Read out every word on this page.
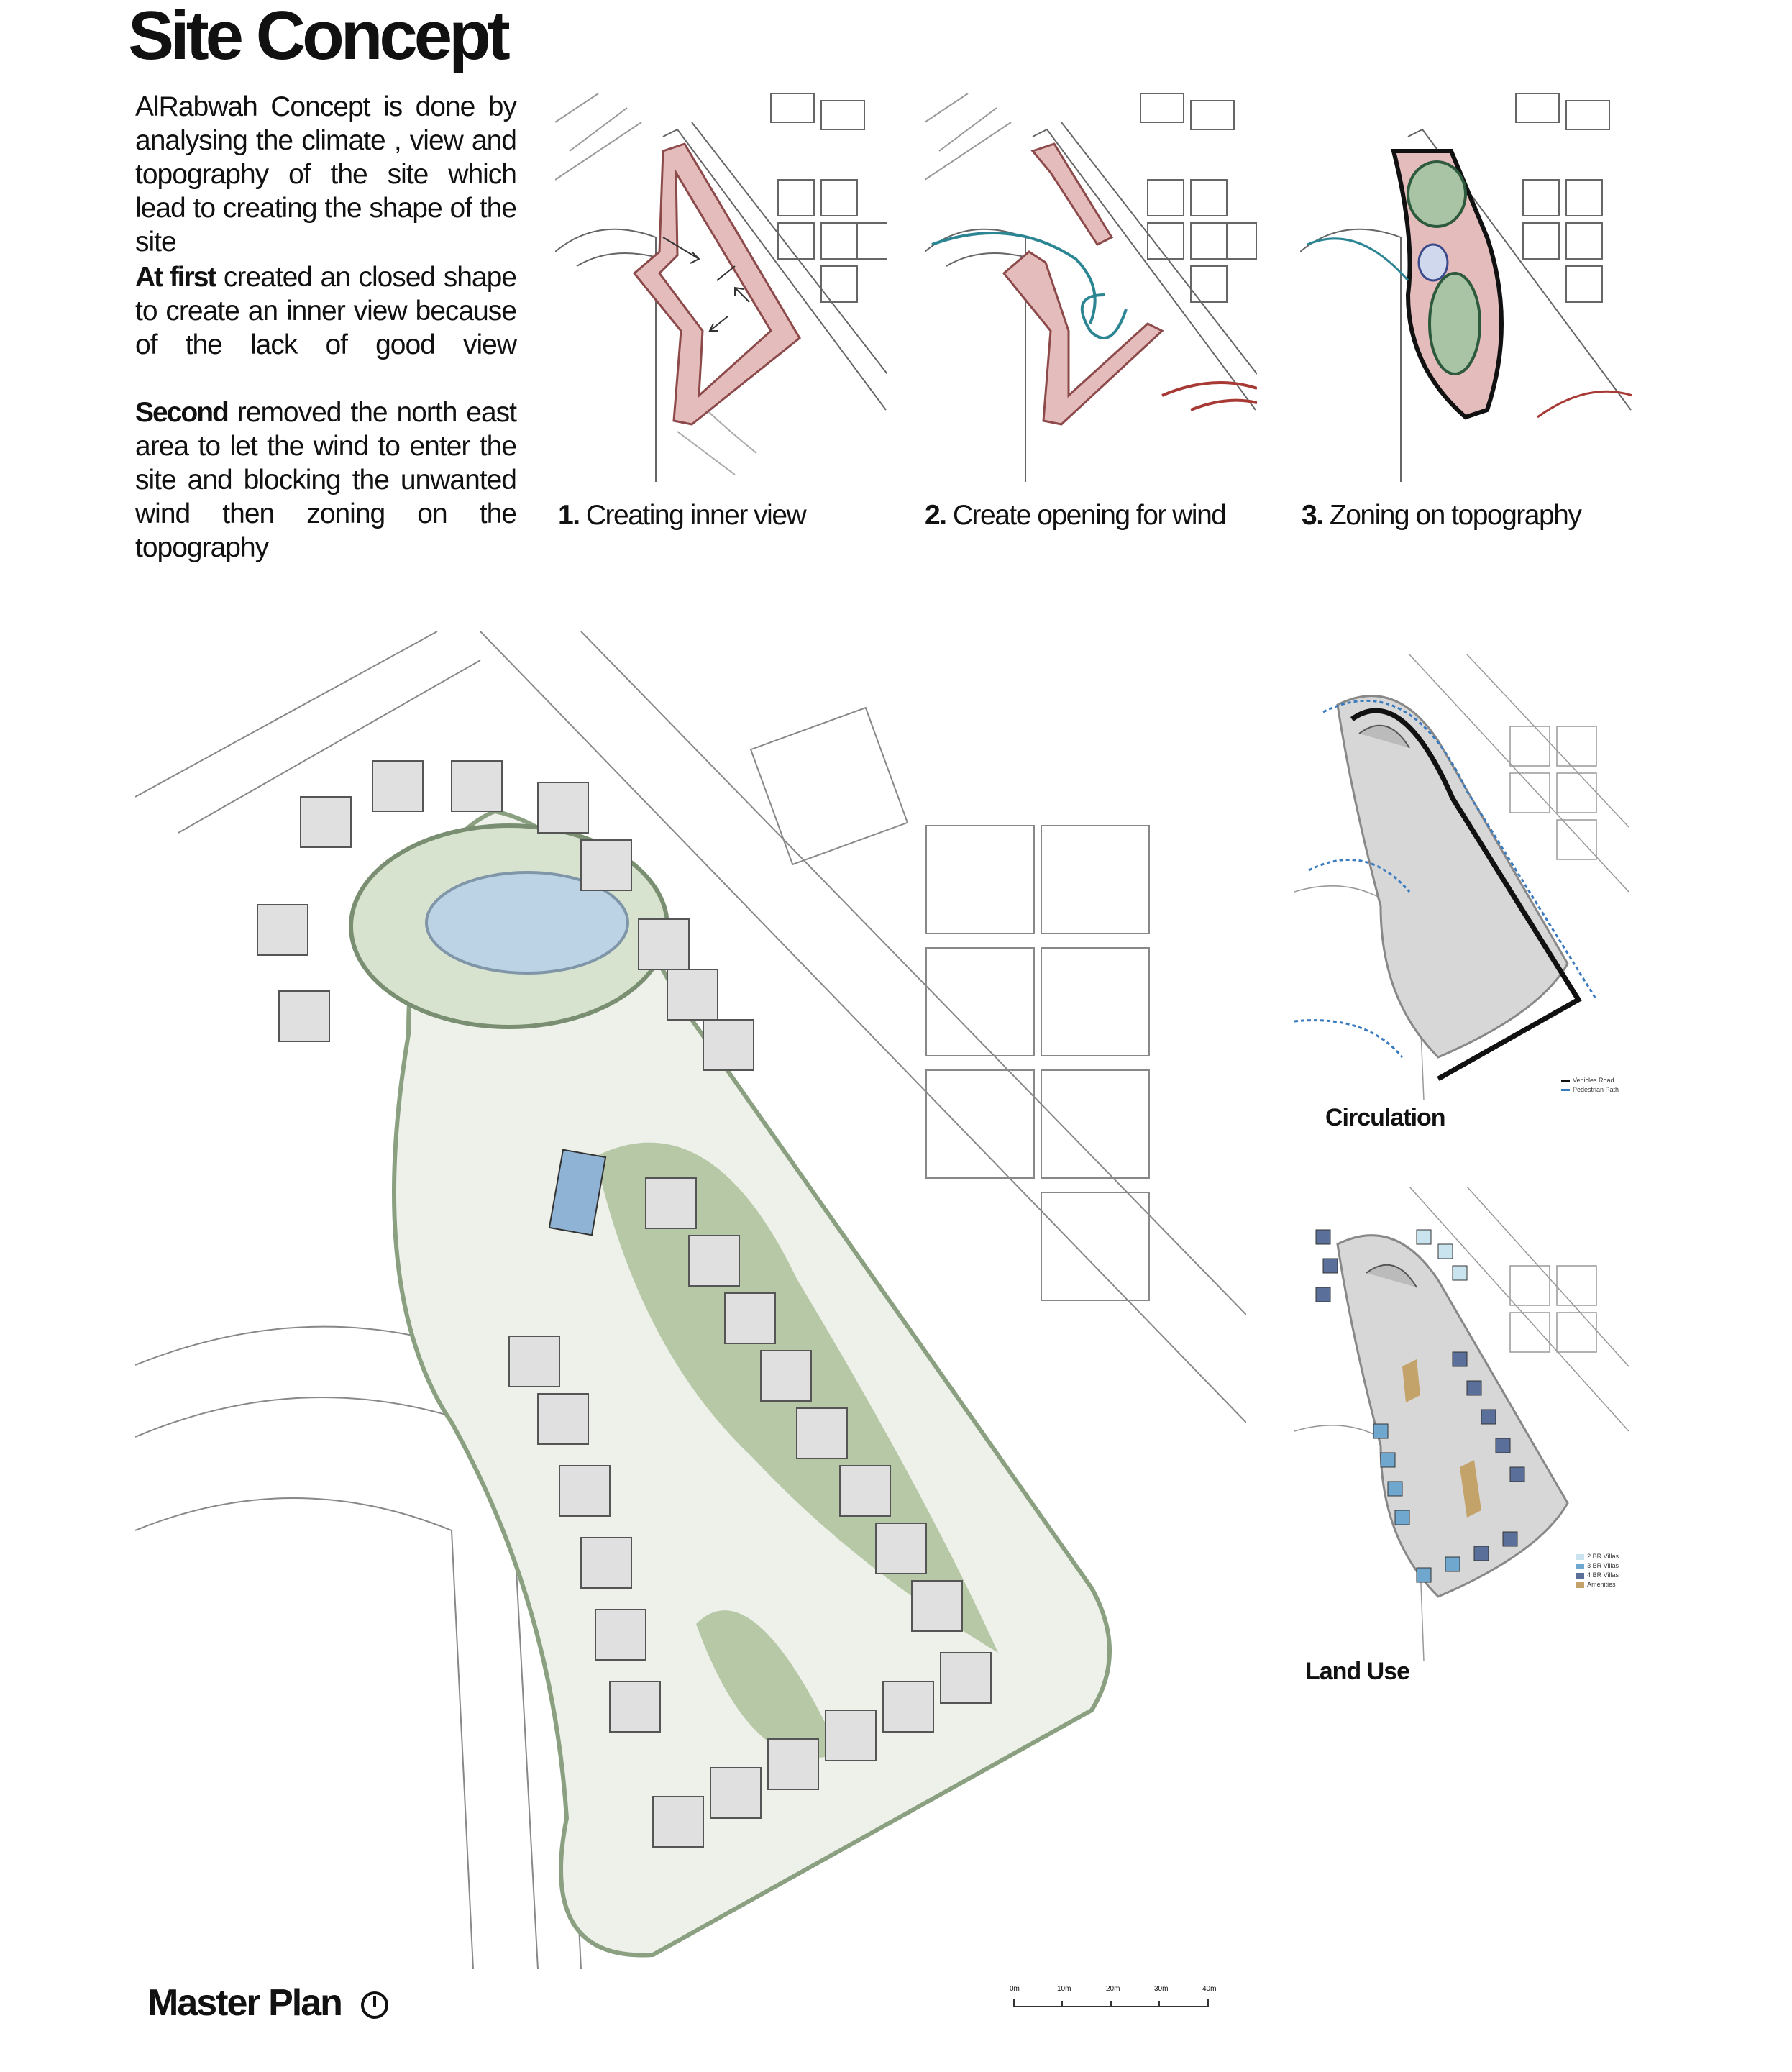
Site Concept

AlRabwah Concept is done by analysing the climate , view and topography of the site which lead to creating the shape of the site

At first created an closed shape to create an inner view because of the lack of good view

Second removed the north east area to let the wind to enter the site and blocking the unwanted wind then zoning on the topography

1. Creating inner view	2. Create opening for wind	3. Zoning on topography
Master Plan	0m	10m	20m	30m	40m
Vehicles Road
Pedestrian Path
Circulation
2 BR Villas
3 BR Villas
4 BR Villas
Amenities
Land Use
